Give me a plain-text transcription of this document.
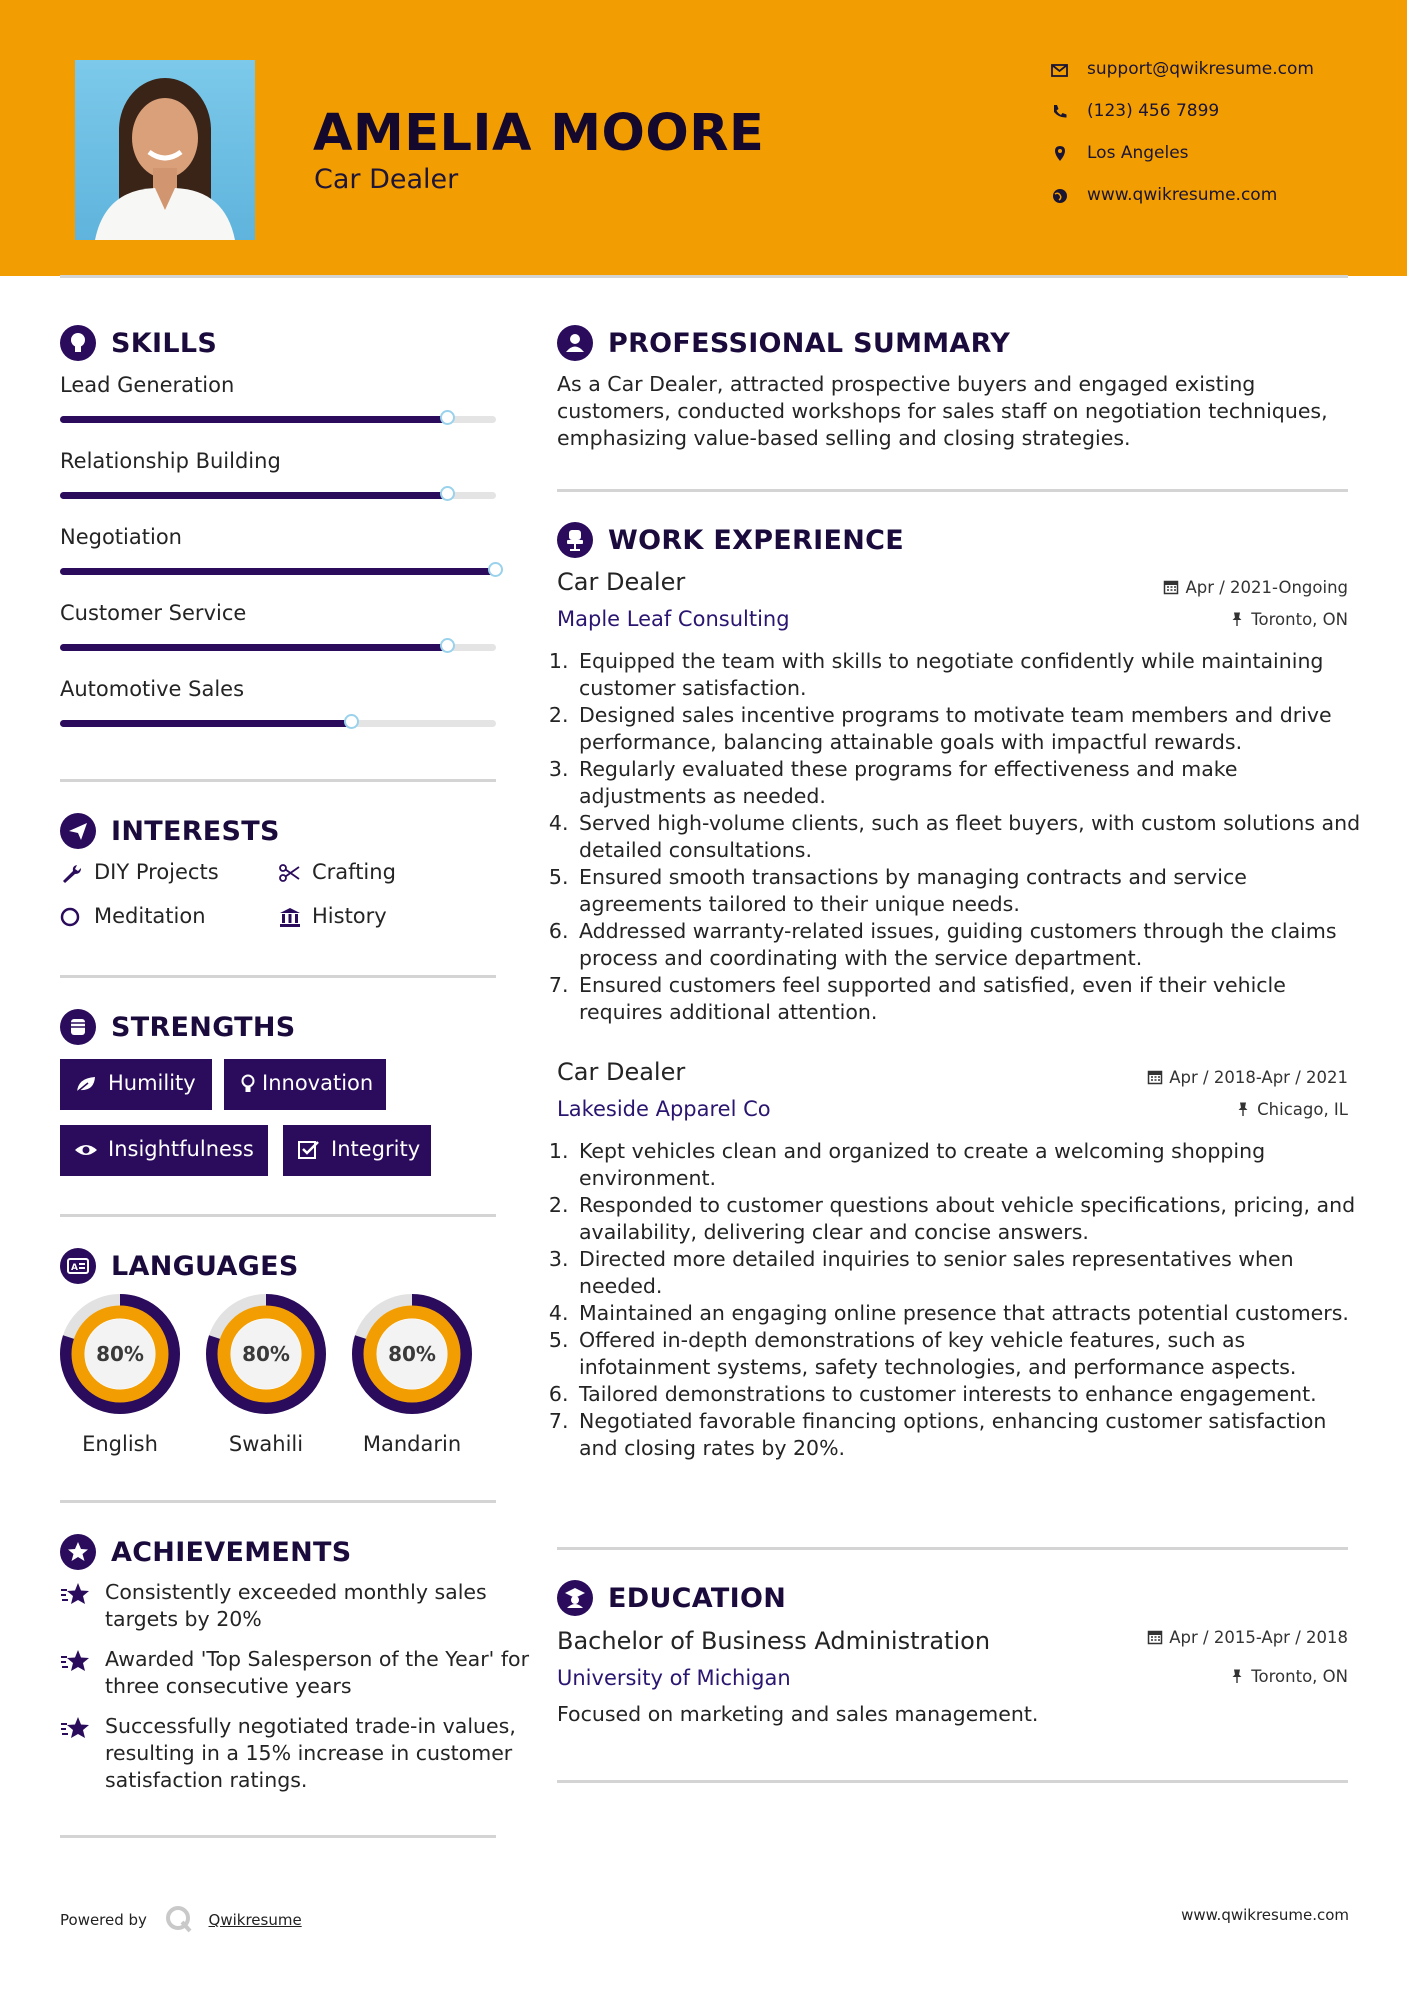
AMELIA MOORE
Car Dealer
support@qwikresume.com
(123) 456 7899
Los Angeles
www.qwikresume.com
SKILLS
Lead Generation
Relationship Building
Negotiation
Customer Service
Automotive Sales
INTERESTS
DIY Projects	Crafting
Meditation	History
STRENGTHS
Humility	Innovation
Insightfulness	Integrity
A LANGUAGES
80%
English
80%
Swahili
80%
Mandarin
ACHIEVEMENTS
Consistently exceeded monthly sales targets by 20%
Awarded 'Top Salesperson of the Year' for three consecutive years
Successfully negotiated trade-in values, resulting in a 15% increase in customer satisfaction ratings.
PROFESSIONAL SUMMARY
As a Car Dealer, attracted prospective buyers and engaged existing customers, conducted workshops for sales staff on negotiation techniques, emphasizing value-based selling and closing strategies.
WORK EXPERIENCE
Car Dealer	Apr / 2021-Ongoing
Maple Leaf Consulting	Toronto, ON
1. Equipped the team with skills to negotiate confidently while maintaining customer satisfaction.
2. Designed sales incentive programs to motivate team members and drive performance, balancing attainable goals with impactful rewards.
3. Regularly evaluated these programs for effectiveness and make adjustments as needed.
4. Served high-volume clients, such as fleet buyers, with custom solutions and detailed consultations.
5. Ensured smooth transactions by managing contracts and service agreements tailored to their unique needs.
6. Addressed warranty-related issues, guiding customers through the claims process and coordinating with the service department.
7. Ensured customers feel supported and satisfied, even if their vehicle requires additional attention.
Car Dealer	Apr / 2018-Apr / 2021
Lakeside Apparel Co	Chicago, IL
1. Kept vehicles clean and organized to create a welcoming shopping environment.
2. Responded to customer questions about vehicle specifications, pricing, and availability, delivering clear and concise answers.
3. Directed more detailed inquiries to senior sales representatives when needed.
4. Maintained an engaging online presence that attracts potential customers.
5. Offered in-depth demonstrations of key vehicle features, such as infotainment systems, safety technologies, and performance aspects.
6. Tailored demonstrations to customer interests to enhance engagement.
7. Negotiated favorable financing options, enhancing customer satisfaction and closing rates by 20%.
EDUCATION
Bachelor of Business Administration	Apr / 2015-Apr / 2018
University of Michigan	Toronto, ON
Focused on marketing and sales management.
Powered by	Qwikresume	www.qwikresume.com
